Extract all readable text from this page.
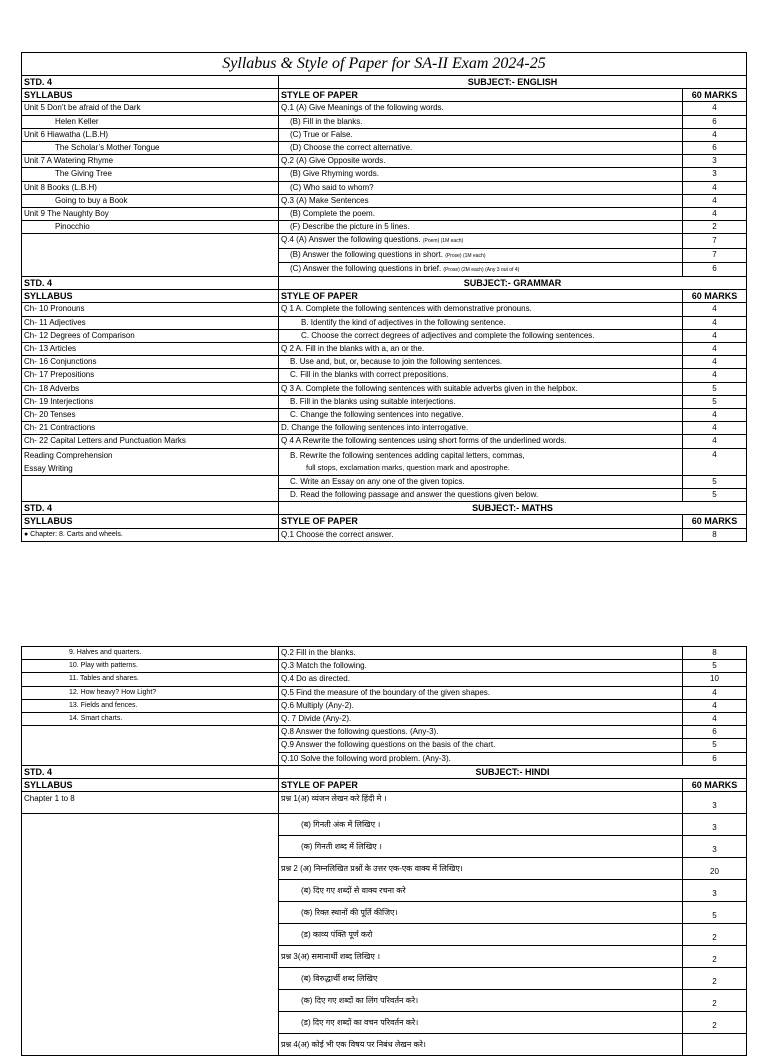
Syllabus & Style of Paper for SA-II Exam 2024-25		
STD. 4	SUBJECT:- ENGLISH	
SYLLABUS	STYLE OF PAPER	60 MARKS
Unit 5 Don’t be afraid of the Dark	Q.1 (A) Give Meanings of the following words.	4
Helen Keller	(B) Fill in the blanks.	6
Unit 6 Hiawatha (L.B.H)	(C) True or False.	4
The Scholar’s Mother Tongue	(D) Choose the correct alternative.	6
Unit 7 A Watering Rhyme	Q.2 (A) Give Opposite words.	3
The Giving Tree	(B) Give Rhyming words.	3
Unit 8 Books (L.B.H)	(C) Who said to whom?	4
Going to buy a Book	Q.3 (A) Make Sentences	4
Unit 9 The Naughty Boy	(B) Complete the poem.	4
Pinocchio	(F) Describe the picture in 5 lines.	2
	Q.4 (A) Answer the following questions. (Poem) (1M each)	7
	(B) Answer the following questions in short. (Prose) (1M each)	7
	(C) Answer the following questions in brief. (Prose) (2M each) (Any 3 out of 4)	6
STD. 4	SUBJECT:- GRAMMAR	
SYLLABUS	STYLE OF PAPER	60 MARKS
Ch- 10 Pronouns	Q 1 A. Complete the following sentences with demonstrative pronouns.	4
Ch- 11 Adjectives	B. Identify the kind of adjectives in the following sentence.	4
Ch- 12 Degrees of Comparison	C. Choose the correct degrees of adjectives and complete the following sentences.	4
Ch- 13 Articles	Q 2 A. Fill in the blanks with a, an or the.	4
Ch- 16 Conjunctions	B. Use and, but, or, because to join the following sentences.	4
Ch- 17 Prepositions	C. Fill in the blanks with correct prepositions.	4
Ch- 18 Adverbs	Q 3 A. Complete the following sentences with suitable adverbs given in the helpbox.	5
Ch- 19 Interjections	B. Fill in the blanks using suitable interjections.	5
Ch- 20 Tenses	C. Change the following sentences into negative.	4
Ch- 21 Contractions	D. Change the following sentences into interrogative.	4
Ch- 22 Capital Letters and Punctuation Marks	Q 4 A Rewrite the following sentences using short forms of the underlined words.	4
Reading Comprehension
Essay Writing	B. Rewrite the following sentences adding capital letters, commas,
full stops, exclamation marks, question mark and apostrophe.	4
	C. Write an Essay on any one of the given topics.	5
	D. Read the following passage and answer the questions given below.	5
STD. 4	SUBJECT:- MATHS	
SYLLABUS	STYLE OF PAPER	60 MARKS
● Chapter: 8. Carts and wheels.	Q.1 Choose the correct answer.	8
9. Halves and quarters.	Q.2 Fill in the blanks.	8
10. Play with patterns.	Q.3 Match the following.	5
11. Tables and shares.	Q.4 Do as directed.	10
12. How heavy? How Light?	Q.5 Find the measure of the boundary of the given shapes.	4
13. Fields and fences.	Q.6 Multiply (Any-2).	4
14. Smart charts.	Q. 7 Divide (Any-2).	4
	Q.8 Answer the following questions. (Any-3).	6
	Q.9 Answer the following questions on the basis of the chart.	5
	Q.10 Solve the following word problem. (Any-3).	6
STD. 4	SUBJECT:- HINDI	
SYLLABUS	STYLE OF PAPER	60 MARKS
Chapter 1 to 8	प्रश्न 1(अ) व्यंजन लेखन करे हिंदी मे ।	3
	(ब) गिनती अंक में लिखिए ।	3
	(क) गिनती शब्द में लिखिए ।	3
	प्रश्न 2 (अ) निम्नलिखित प्रश्नों के उत्तर एक-एक वाक्य में लिखिए।	20
	(ब) दिए गए शब्दों से वाक्य रचना करे	3
	(क) रिक्त स्थानों की पूर्ति कीजिए।	5
	(ड) काव्य पंक्ति पूर्ण करो	2
	प्रश्न 3(अ) समानार्थी शब्द लिखिए ।	2
	(ब) विरुद्धार्थी शब्द लिखिए	2
	(क) दिए गए शब्दों का लिंग परिवर्तन करे।	2
	(ड) दिए गए शब्दों का वचन परिवर्तन करे।	2
	प्रश्न 4(अ) कोई भी एक विषय पर निबंध लेखन करे।	
